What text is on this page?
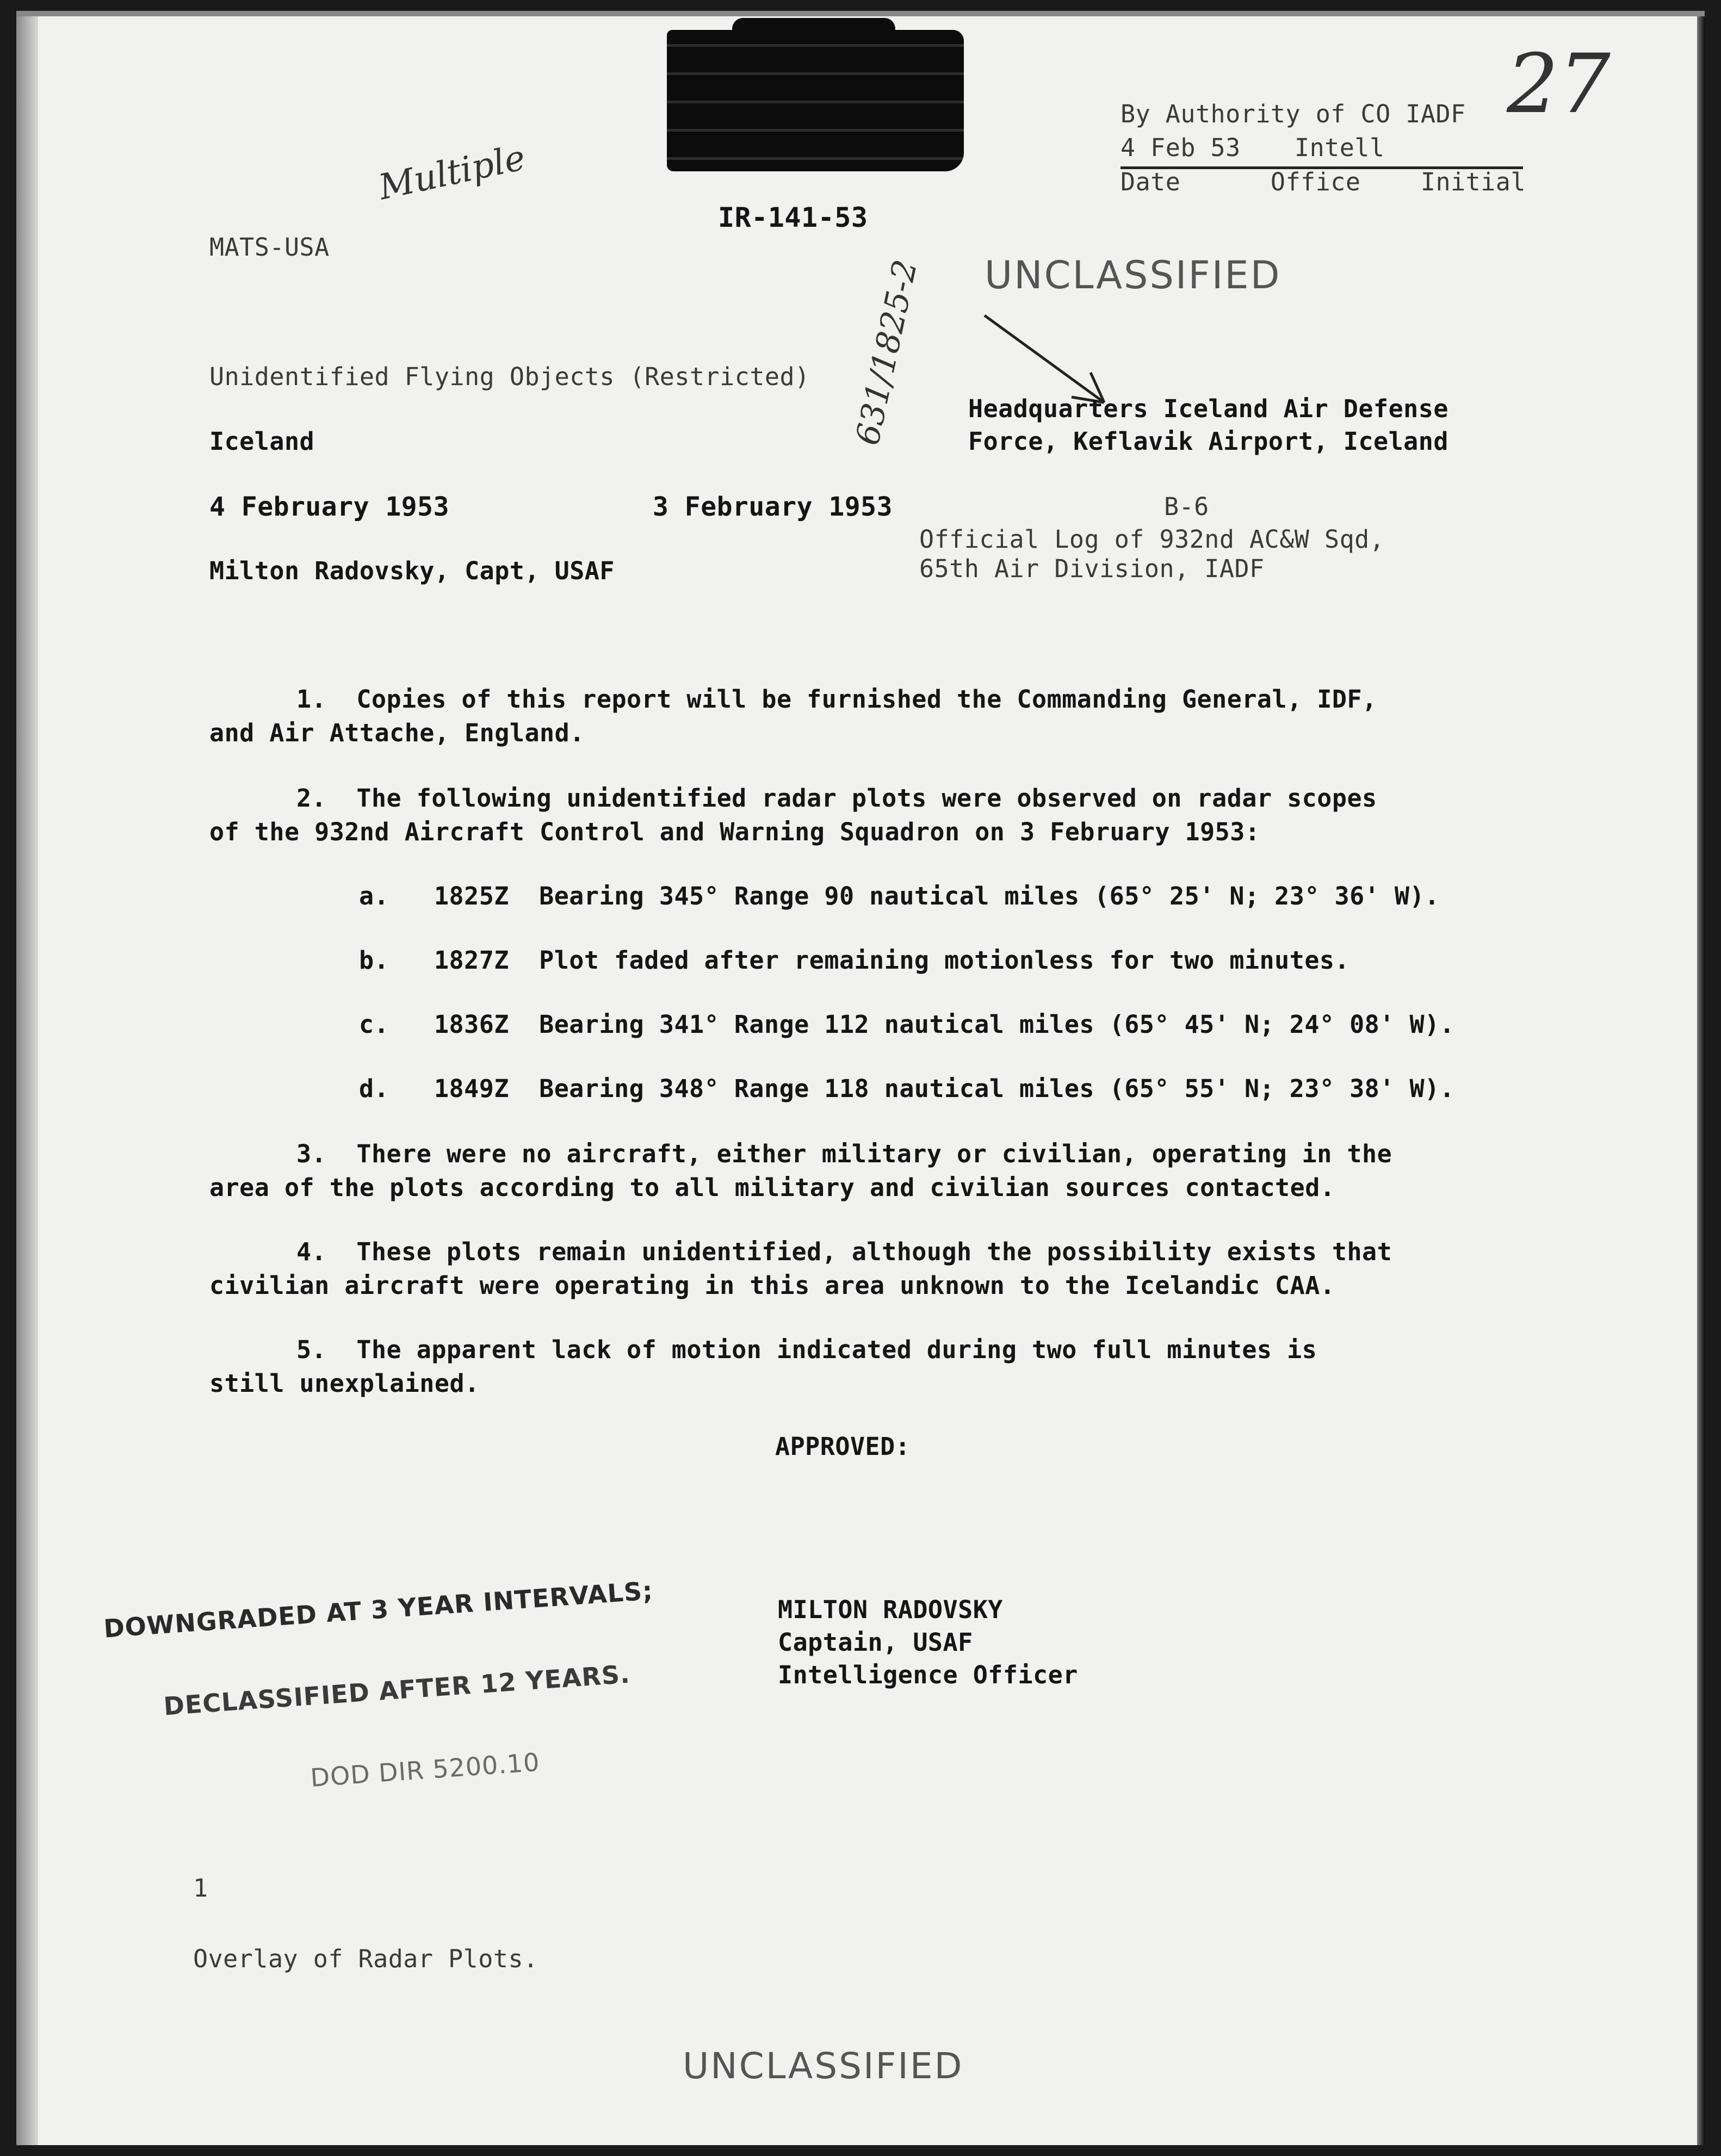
By Authority of CO IADF

4 Feb 53 Intell

Date      Office    Initial

27

IR-141-53

Multiple
631/1825-2

MATS-USA

UNCLASSIFIED

Unidentified Flying Objects (Restricted)

Headquarters Iceland Air Defense

Iceland	Force, Keflavik Airport, Iceland

4 February 1953	3 February 1953	B-6

Official Log of 932nd AC&W Sqd,

65th Air Division, IADF

Milton Radovsky, Capt, USAF

1.  Copies of this report will be furnished the Commanding General, IDF,

and Air Attache, England.

2.  The following unidentified radar plots were observed on radar scopes

of the 932nd Aircraft Control and Warning Squadron on 3 February 1953:

a.   1825Z  Bearing 345° Range 90 nautical miles (65° 25' N; 23° 36' W).

b.   1827Z  Plot faded after remaining motionless for two minutes.

c.   1836Z  Bearing 341° Range 112 nautical miles (65° 45' N; 24° 08' W).

d.   1849Z  Bearing 348° Range 118 nautical miles (65° 55' N; 23° 38' W).

3.  There were no aircraft, either military or civilian, operating in the

area of the plots according to all military and civilian sources contacted.

4.  These plots remain unidentified, although the possibility exists that

civilian aircraft were operating in this area unknown to the Icelandic CAA.

5.  The apparent lack of motion indicated during two full minutes is

still unexplained.

APPROVED:

DOWNGRADED AT 3 YEAR INTERVALS;

DECLASSIFIED AFTER 12 YEARS.

DOD DIR 5200.10

MILTON RADOVSKY

Captain, USAF

Intelligence Officer

1

Overlay of Radar Plots.

UNCLASSIFIED
